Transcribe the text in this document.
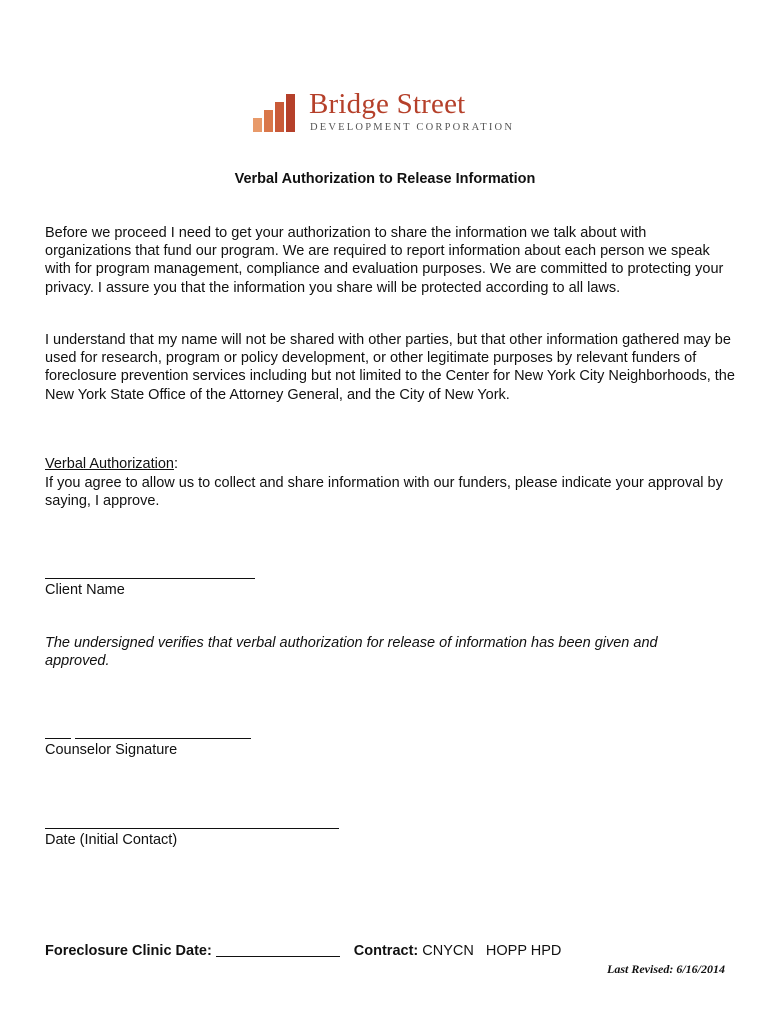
Bridge Street
DEVELOPMENT CORPORATION
Verbal Authorization to Release Information

Before we proceed I need to get your authorization to share the information we talk about with organizations that fund our program. We are required to report information about each person we speak with for program management, compliance and evaluation purposes. We are committed to protecting your privacy. I assure you that the information you share will be protected according to all laws.

I understand that my name will not be shared with other parties, but that other information gathered may be used for research, program or policy development, or other legitimate purposes by relevant funders of foreclosure prevention services including but not limited to the Center for New York City Neighborhoods, the New York State Office of the Attorney General, and the City of New York.

Verbal Authorization:

If you agree to allow us to collect and share information with our funders, please indicate your approval by saying, I approve.

Client Name

The undersigned verifies that verbal authorization for release of information has been given and approved.

Counselor Signature
Date (Initial Contact)
Foreclosure Clinic Date:	Contract: CNYCN   HOPP HPD
Last Revised: 6/16/2014
